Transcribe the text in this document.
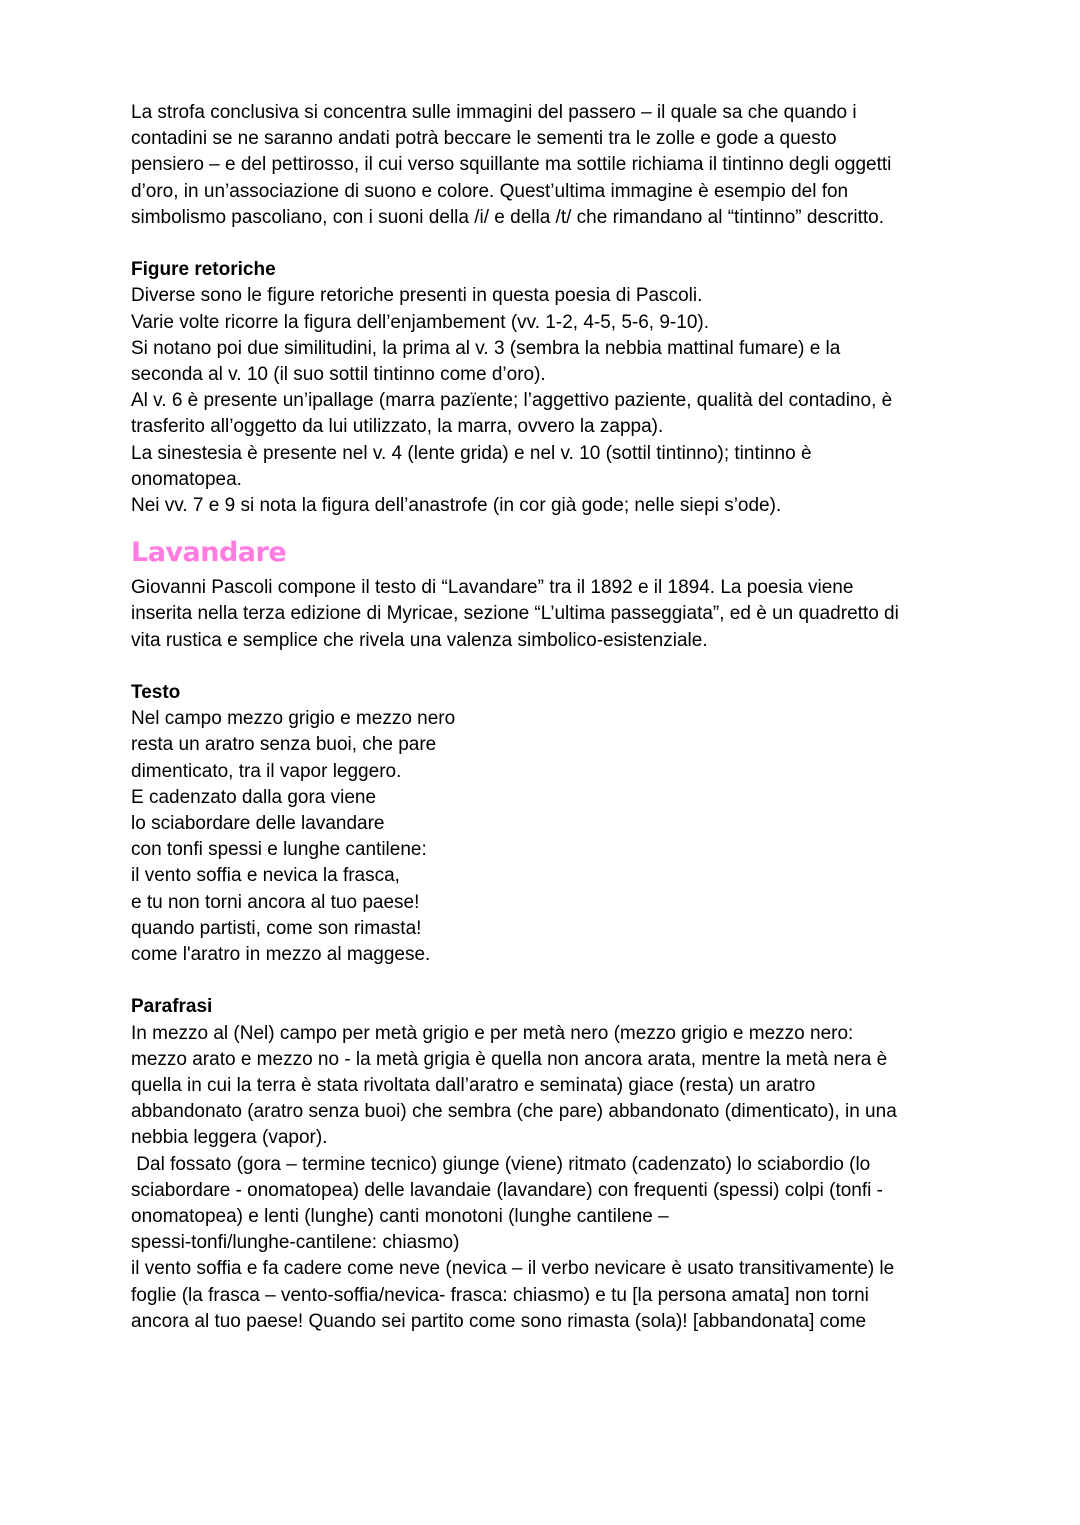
La strofa conclusiva si concentra sulle immagini del passero – il quale sa che quando i
contadini se ne saranno andati potrà beccare le sementi tra le zolle e gode a questo
pensiero – e del pettirosso, il cui verso squillante ma sottile richiama il tintinno degli oggetti
d’oro, in un’associazione di suono e colore. Quest’ultima immagine è esempio del fon
simbolismo pascoliano, con i suoni della /i/ e della /t/ che rimandano al “tintinno” descritto.
Figure retoriche
Diverse sono le figure retoriche presenti in questa poesia di Pascoli.
Varie volte ricorre la figura dell’enjambement (vv. 1-2, 4-5, 5-6, 9-10).
Si notano poi due similitudini, la prima al v. 3 (sembra la nebbia mattinal fumare) e la
seconda al v. 10 (il suo sottil tintinno come d’oro).
Al v. 6 è presente un’ipallage (marra pazïente; l’aggettivo paziente, qualità del contadino, è
trasferito all’oggetto da lui utilizzato, la marra, ovvero la zappa).
La sinestesia è presente nel v. 4 (lente grida) e nel v. 10 (sottil tintinno); tintinno è
onomatopea.
Nei vv. 7 e 9 si nota la figura dell’anastrofe (in cor già gode; nelle siepi s’ode).
Lavandare
Giovanni Pascoli compone il testo di “Lavandare” tra il 1892 e il 1894. La poesia viene
inserita nella terza edizione di Myricae, sezione “L’ultima passeggiata”, ed è un quadretto di
vita rustica e semplice che rivela una valenza simbolico-esistenziale.
Testo
Nel campo mezzo grigio e mezzo nero
resta un aratro senza buoi, che pare
dimenticato, tra il vapor leggero.
E cadenzato dalla gora viene
lo sciabordare delle lavandare
con tonfi spessi e lunghe cantilene:
il vento soffia e nevica la frasca,
e tu non torni ancora al tuo paese!
quando partisti, come son rimasta!
come l'aratro in mezzo al maggese.
Parafrasi
In mezzo al (Nel) campo per metà grigio e per metà nero (mezzo grigio e mezzo nero:
mezzo arato e mezzo no - la metà grigia è quella non ancora arata, mentre la metà nera è
quella in cui la terra è stata rivoltata dall’aratro e seminata) giace (resta) un aratro
abbandonato (aratro senza buoi) che sembra (che pare) abbandonato (dimenticato), in una
nebbia leggera (vapor).
Dal fossato (gora – termine tecnico) giunge (viene) ritmato (cadenzato) lo sciabordio (lo
sciabordare - onomatopea) delle lavandaie (lavandare) con frequenti (spessi) colpi (tonfi -
onomatopea) e lenti (lunghe) canti monotoni (lunghe cantilene –
spessi-tonfi/lunghe-cantilene: chiasmo)
il vento soffia e fa cadere come neve (nevica – il verbo nevicare è usato transitivamente) le
foglie (la frasca – vento-soffia/nevica- frasca: chiasmo) e tu [la persona amata] non torni
ancora al tuo paese! Quando sei partito come sono rimasta (sola)! [abbandonata] come
